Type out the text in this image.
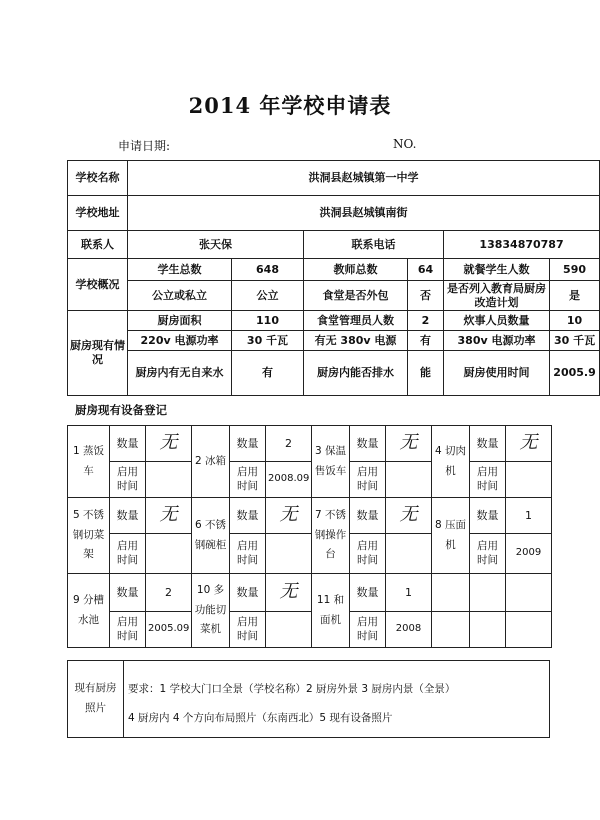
2014 年学校申请表
申请日期:	NO.
学校名称	洪洞县赵城镇第一中学					
学校地址	洪洞县赵城镇南街					
联系人	张天保		联系电话		13834870787	
学校概况	学生总数	648	教师总数	64	就餐学生人数	590
	公立或私立	公立	食堂是否外包	否	是否列入教育局厨房改造计划	是
厨房现有情况	厨房面积	110	食堂管理员人数	2	炊事人员数量	10
	220v 电源功率	30 千瓦	有无 380v 电源	有	380v 电源功率	30 千瓦
	厨房内有无自来水	有	厨房内能否排水	能	厨房使用时间	2005.9
厨房现有设备登记
1 蒸饭车	数量	无	2 冰箱	数量	2	3 保温售饭车	数量	无	4 切肉机	数量	无
	启用时间			启用时间	2008.09		启用时间			启用时间	
5 不锈钢切菜架	数量	无	6 不锈钢碗柜	数量	无	7 不锈钢操作台	数量	无	8 压面机	数量	1
	启用时间			启用时间			启用时间			启用时间	2009
9 分槽水池	数量	2	10 多功能切菜机	数量	无	11 和面机	数量	1			
	启用时间	2005.09		启用时间			启用时间	2008			
现有厨房照片	
要求：1 学校大门口全景（学校名称）2 厨房外景 3 厨房内景（全景）
4 厨房内 4 个方向布局照片（东南西北）5 现有设备照片
